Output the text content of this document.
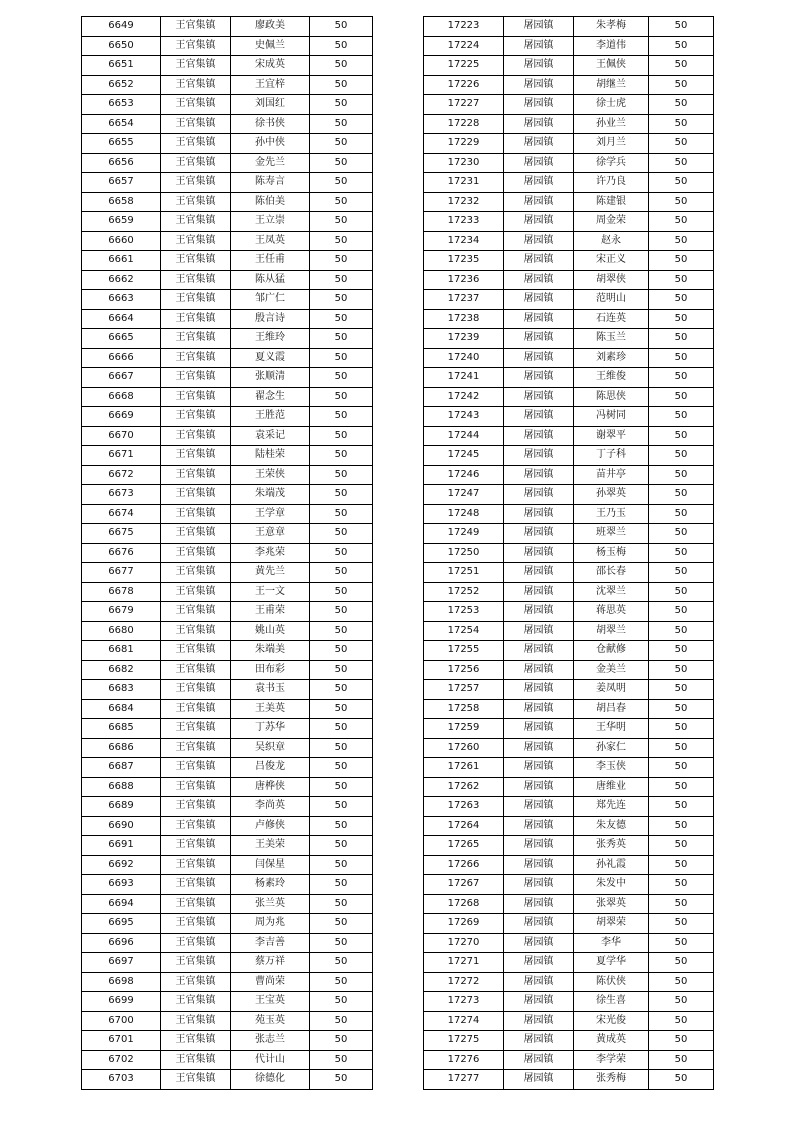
6649	王官集镇	廖政美	50
6650	王官集镇	史佩兰	50
6651	王官集镇	宋成英	50
6652	王官集镇	王宜梓	50
6653	王官集镇	刘国红	50
6654	王官集镇	徐书侠	50
6655	王官集镇	孙中侠	50
6656	王官集镇	金先兰	50
6657	王官集镇	陈寿言	50
6658	王官集镇	陈伯美	50
6659	王官集镇	王立崇	50
6660	王官集镇	王凤英	50
6661	王官集镇	王任甫	50
6662	王官集镇	陈从猛	50
6663	王官集镇	邹广仁	50
6664	王官集镇	殷言诗	50
6665	王官集镇	王维玲	50
6666	王官集镇	夏义霞	50
6667	王官集镇	张顺清	50
6668	王官集镇	翟念生	50
6669	王官集镇	王胜范	50
6670	王官集镇	袁采记	50
6671	王官集镇	陆桂荣	50
6672	王官集镇	王荣侠	50
6673	王官集镇	朱端茂	50
6674	王官集镇	王学章	50
6675	王官集镇	王意章	50
6676	王官集镇	李兆荣	50
6677	王官集镇	黄先兰	50
6678	王官集镇	王一文	50
6679	王官集镇	王甫荣	50
6680	王官集镇	姚山英	50
6681	王官集镇	朱端美	50
6682	王官集镇	田布彩	50
6683	王官集镇	袁书玉	50
6684	王官集镇	王美英	50
6685	王官集镇	丁苏华	50
6686	王官集镇	吴织章	50
6687	王官集镇	吕俊龙	50
6688	王官集镇	唐桦侠	50
6689	王官集镇	李尚英	50
6690	王官集镇	卢修侠	50
6691	王官集镇	王美荣	50
6692	王官集镇	闫保星	50
6693	王官集镇	杨素玲	50
6694	王官集镇	张兰英	50
6695	王官集镇	周为兆	50
6696	王官集镇	李吉善	50
6697	王官集镇	蔡万祥	50
6698	王官集镇	曹尚荣	50
6699	王官集镇	王宝英	50
6700	王官集镇	苑玉英	50
6701	王官集镇	张志兰	50
6702	王官集镇	代计山	50
6703	王官集镇	徐德化	50
17223	屠园镇	朱孝梅	50
17224	屠园镇	李道伟	50
17225	屠园镇	王佩侠	50
17226	屠园镇	胡继兰	50
17227	屠园镇	徐士虎	50
17228	屠园镇	孙业兰	50
17229	屠园镇	刘月兰	50
17230	屠园镇	徐学兵	50
17231	屠园镇	许乃良	50
17232	屠园镇	陈建银	50
17233	屠园镇	周金荣	50
17234	屠园镇	赵永	50
17235	屠园镇	宋正义	50
17236	屠园镇	胡翠侠	50
17237	屠园镇	范明山	50
17238	屠园镇	石连英	50
17239	屠园镇	陈玉兰	50
17240	屠园镇	刘素珍	50
17241	屠园镇	王维俊	50
17242	屠园镇	陈思侠	50
17243	屠园镇	冯树同	50
17244	屠园镇	谢翠平	50
17245	屠园镇	丁子科	50
17246	屠园镇	苗井亭	50
17247	屠园镇	孙翠英	50
17248	屠园镇	王乃玉	50
17249	屠园镇	班翠兰	50
17250	屠园镇	杨玉梅	50
17251	屠园镇	邵长春	50
17252	屠园镇	沈翠兰	50
17253	屠园镇	蒋思英	50
17254	屠园镇	胡翠兰	50
17255	屠园镇	仓献修	50
17256	屠园镇	金美兰	50
17257	屠园镇	姜凤明	50
17258	屠园镇	胡吕春	50
17259	屠园镇	王华明	50
17260	屠园镇	孙家仁	50
17261	屠园镇	李玉侠	50
17262	屠园镇	唐维业	50
17263	屠园镇	郑先连	50
17264	屠园镇	朱友德	50
17265	屠园镇	张秀英	50
17266	屠园镇	孙礼霞	50
17267	屠园镇	朱发中	50
17268	屠园镇	张翠英	50
17269	屠园镇	胡翠荣	50
17270	屠园镇	李华	50
17271	屠园镇	夏学华	50
17272	屠园镇	陈伏侠	50
17273	屠园镇	徐生喜	50
17274	屠园镇	宋光俊	50
17275	屠园镇	黄成英	50
17276	屠园镇	李学荣	50
17277	屠园镇	张秀梅	50
